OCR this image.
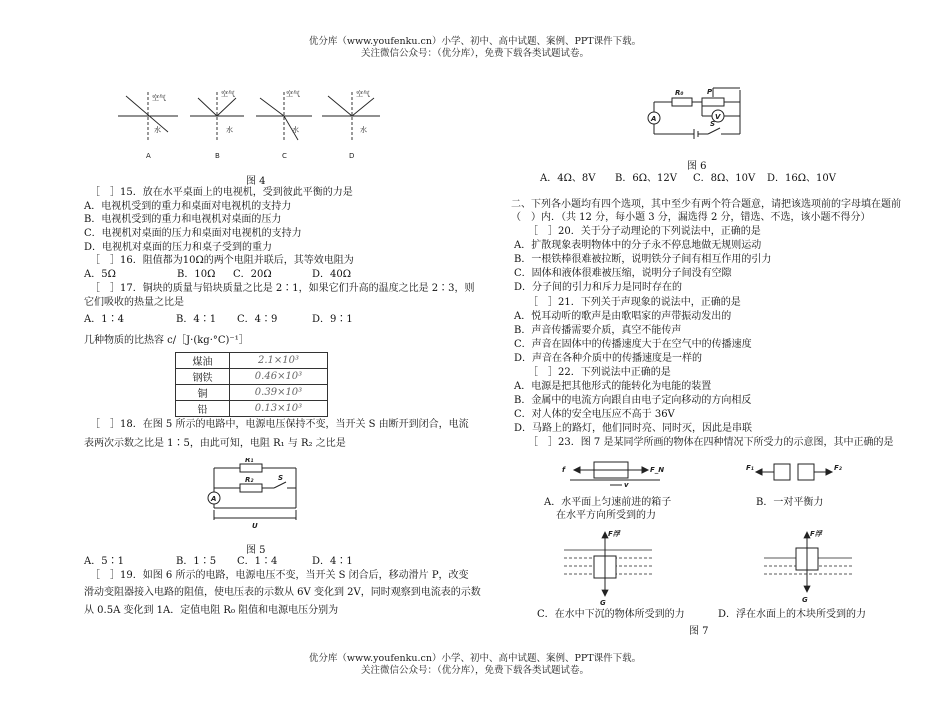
优分库（www.youfenku.cn）小学、初中、高中试题、案例、PPT课件下载。
关注微信公众号：（优分库），免费下载各类试题试卷。
空气
水
空气
水
空气
水
空气
水
A	B	C	D
图 4
［　］15．放在水平桌面上的电视机，受到彼此平衡的力是
A．电视机受到的重力和桌面对电视机的支持力
B．电视机受到的重力和电视机对桌面的压力
C．电视机对桌面的压力和桌面对电视机的支持力
D．电视机对桌面的压力和桌子受到的重力
［　］16．阻值都为10Ω的两个电阻并联后，其等效电阻为
A．5Ω	B．10Ω C．20Ω	D．40Ω
［　］17．铜块的质量与铅块质量之比是 2∶1，如果它们升高的温度之比是 2∶3，则
它们吸收的热量之比是
A．1∶4	B．4∶1 C．4∶9	D．9∶1
几种物质的比热容 c/［J·(kg·°C)⁻¹］
煤油	2.1×10³
钢铁	0.46×10³
铜	0.39×10³
铅	0.13×10³
［　］18．在图 5 所示的电路中，电源电压保持不变，当开关 S 由断开到闭合，电流
表两次示数之比是 1∶5，由此可知，电阻 R₁ 与 R₂ 之比是
R₁
R₂	S
A
U
图 5
A．5∶1	B．1∶5 C．1∶4	D．4∶1
［　］19．如图 6 所示的电路，电源电压不变，当开关 S 闭合后，移动滑片 P，改变
滑动变阻器接入电路的阻值，使电压表的示数从 6V 变化到 2V，同时观察到电流表的示数
从 0.5A 变化到 1A．定值电阻 R₀ 阻值和电源电压分别为
R₀	P
A	V
S
图 6
A．4Ω、8V B．6Ω、12V C．8Ω、10V D．16Ω、10V
二、下列各小题均有四个选项，其中至少有两个符合题意，请把该选项前的字母填在题前
（　）内．（共 12 分，每小题 3 分，漏选得 2 分，错选、不选，该小题不得分）
［　］20．关于分子动理论的下列说法中，正确的是
A．扩散现象表明物体中的分子永不停息地做无规则运动
B．一根铁棒很难被拉断，说明铁分子间有相互作用的引力
C．固体和液体很难被压缩，说明分子间没有空隙
D．分子间的引力和斥力是同时存在的
［　］21．下列关于声现象的说法中，正确的是
A．悦耳动听的歌声是由歌唱家的声带振动发出的
B．声音传播需要介质，真空不能传声
C．声音在固体中的传播速度大于在空气中的传播速度
D．声音在各种介质中的传播速度是一样的
［　］22．下列说法中正确的是
A．电源是把其他形式的能转化为电能的装置
B．金属中的电流方向跟自由电子定向移动的方向相反
C．对人体的安全电压应不高于 36V
D．马路上的路灯，他们同时亮、同时灭，因此是串联
［　］23．图 7 是某同学所画的物体在四种情况下所受力的示意图，其中正确的是
f	F_N
v
A．水平面上匀速前进的箱子
在水平方向所受到的力
F₁	F₂
B．一对平衡力
F浮
G
C．在水中下沉的物体所受到的力
F浮
G
D．浮在水面上的木块所受到的力
图 7
优分库（www.youfenku.cn）小学、初中、高中试题、案例、PPT课件下载。
关注微信公众号：（优分库），免费下载各类试题试卷。
